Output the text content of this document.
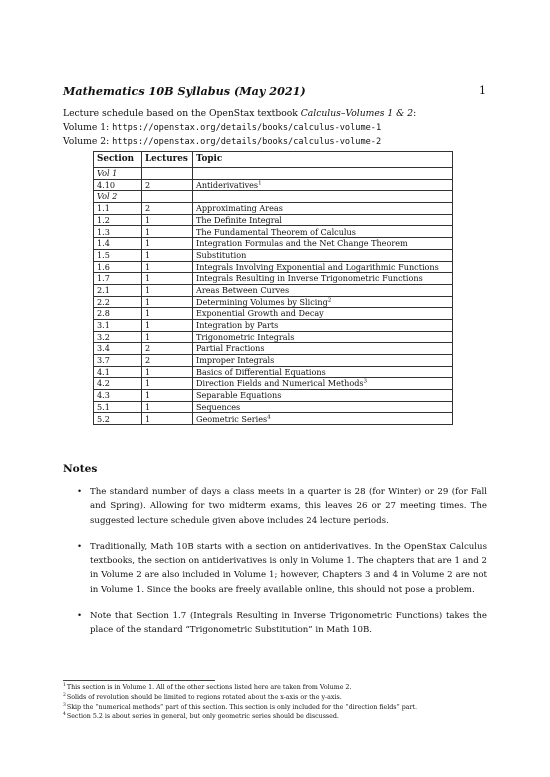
Mathematics 10B Syllabus (May 2021)	1
Lecture schedule based on the OpenStax textbook Calculus–Volumes 1 & 2:
Volume 1: https://openstax.org/details/books/calculus-volume-1
Volume 2: https://openstax.org/details/books/calculus-volume-2
Section	Lectures	Topic
Vol 1		
4.10	2	Antiderivatives$^1$
Vol 2		
1.1	2	Approximating Areas
1.2	1	The Definite Integral
1.3	1	The Fundamental Theorem of Calculus
1.4	1	Integration Formulas and the Net Change Theorem
1.5	1	Substitution
1.6	1	Integrals Involving Exponential and Logarithmic Functions
1.7	1	Integrals Resulting in Inverse Trigonometric Functions
2.1	1	Areas Between Curves
2.2	1	Determining Volumes by Slicing$^2$
2.8	1	Exponential Growth and Decay
3.1	1	Integration by Parts
3.2	1	Trigonometric Integrals
3.4	2	Partial Fractions
3.7	2	Improper Integrals
4.1	1	Basics of Differential Equations
4.2	1	Direction Fields and Numerical Methods$^3$
4.3	1	Separable Equations
5.1	1	Sequences
5.2	1	Geometric Series$^4$
Notes
• The standard number of days a class meets in a quarter is 28 (for Winter) or 29 (for Fall and Spring). Allowing for two midterm exams, this leaves 26 or 27 meeting times. The suggested lecture schedule given above includes 24 lecture periods.
• Traditionally, Math 10B starts with a section on antiderivatives. In the OpenStax Calculus textbooks, the section on antiderivatives is only in Volume 1. The chapters that are 1 and 2 in Volume 2 are also included in Volume 1; however, Chapters 3 and 4 in Volume 2 are not in Volume 1. Since the books are freely available online, this should not pose a problem.
• Note that Section 1.7 (Integrals Resulting in Inverse Trigonometric Functions) takes the place of the standard “Trigonometric Substitution” in Math 10B.
$^1$This section is in Volume 1. All of the other sections listed here are taken from Volume 2.
$^2$Solids of revolution should be limited to regions rotated about the x-axis or the y-axis.
$^3$Skip the “numerical methods” part of this section. This section is only included for the “direction fields” part.
$^4$Section 5.2 is about series in general, but only geometric series should be discussed.
